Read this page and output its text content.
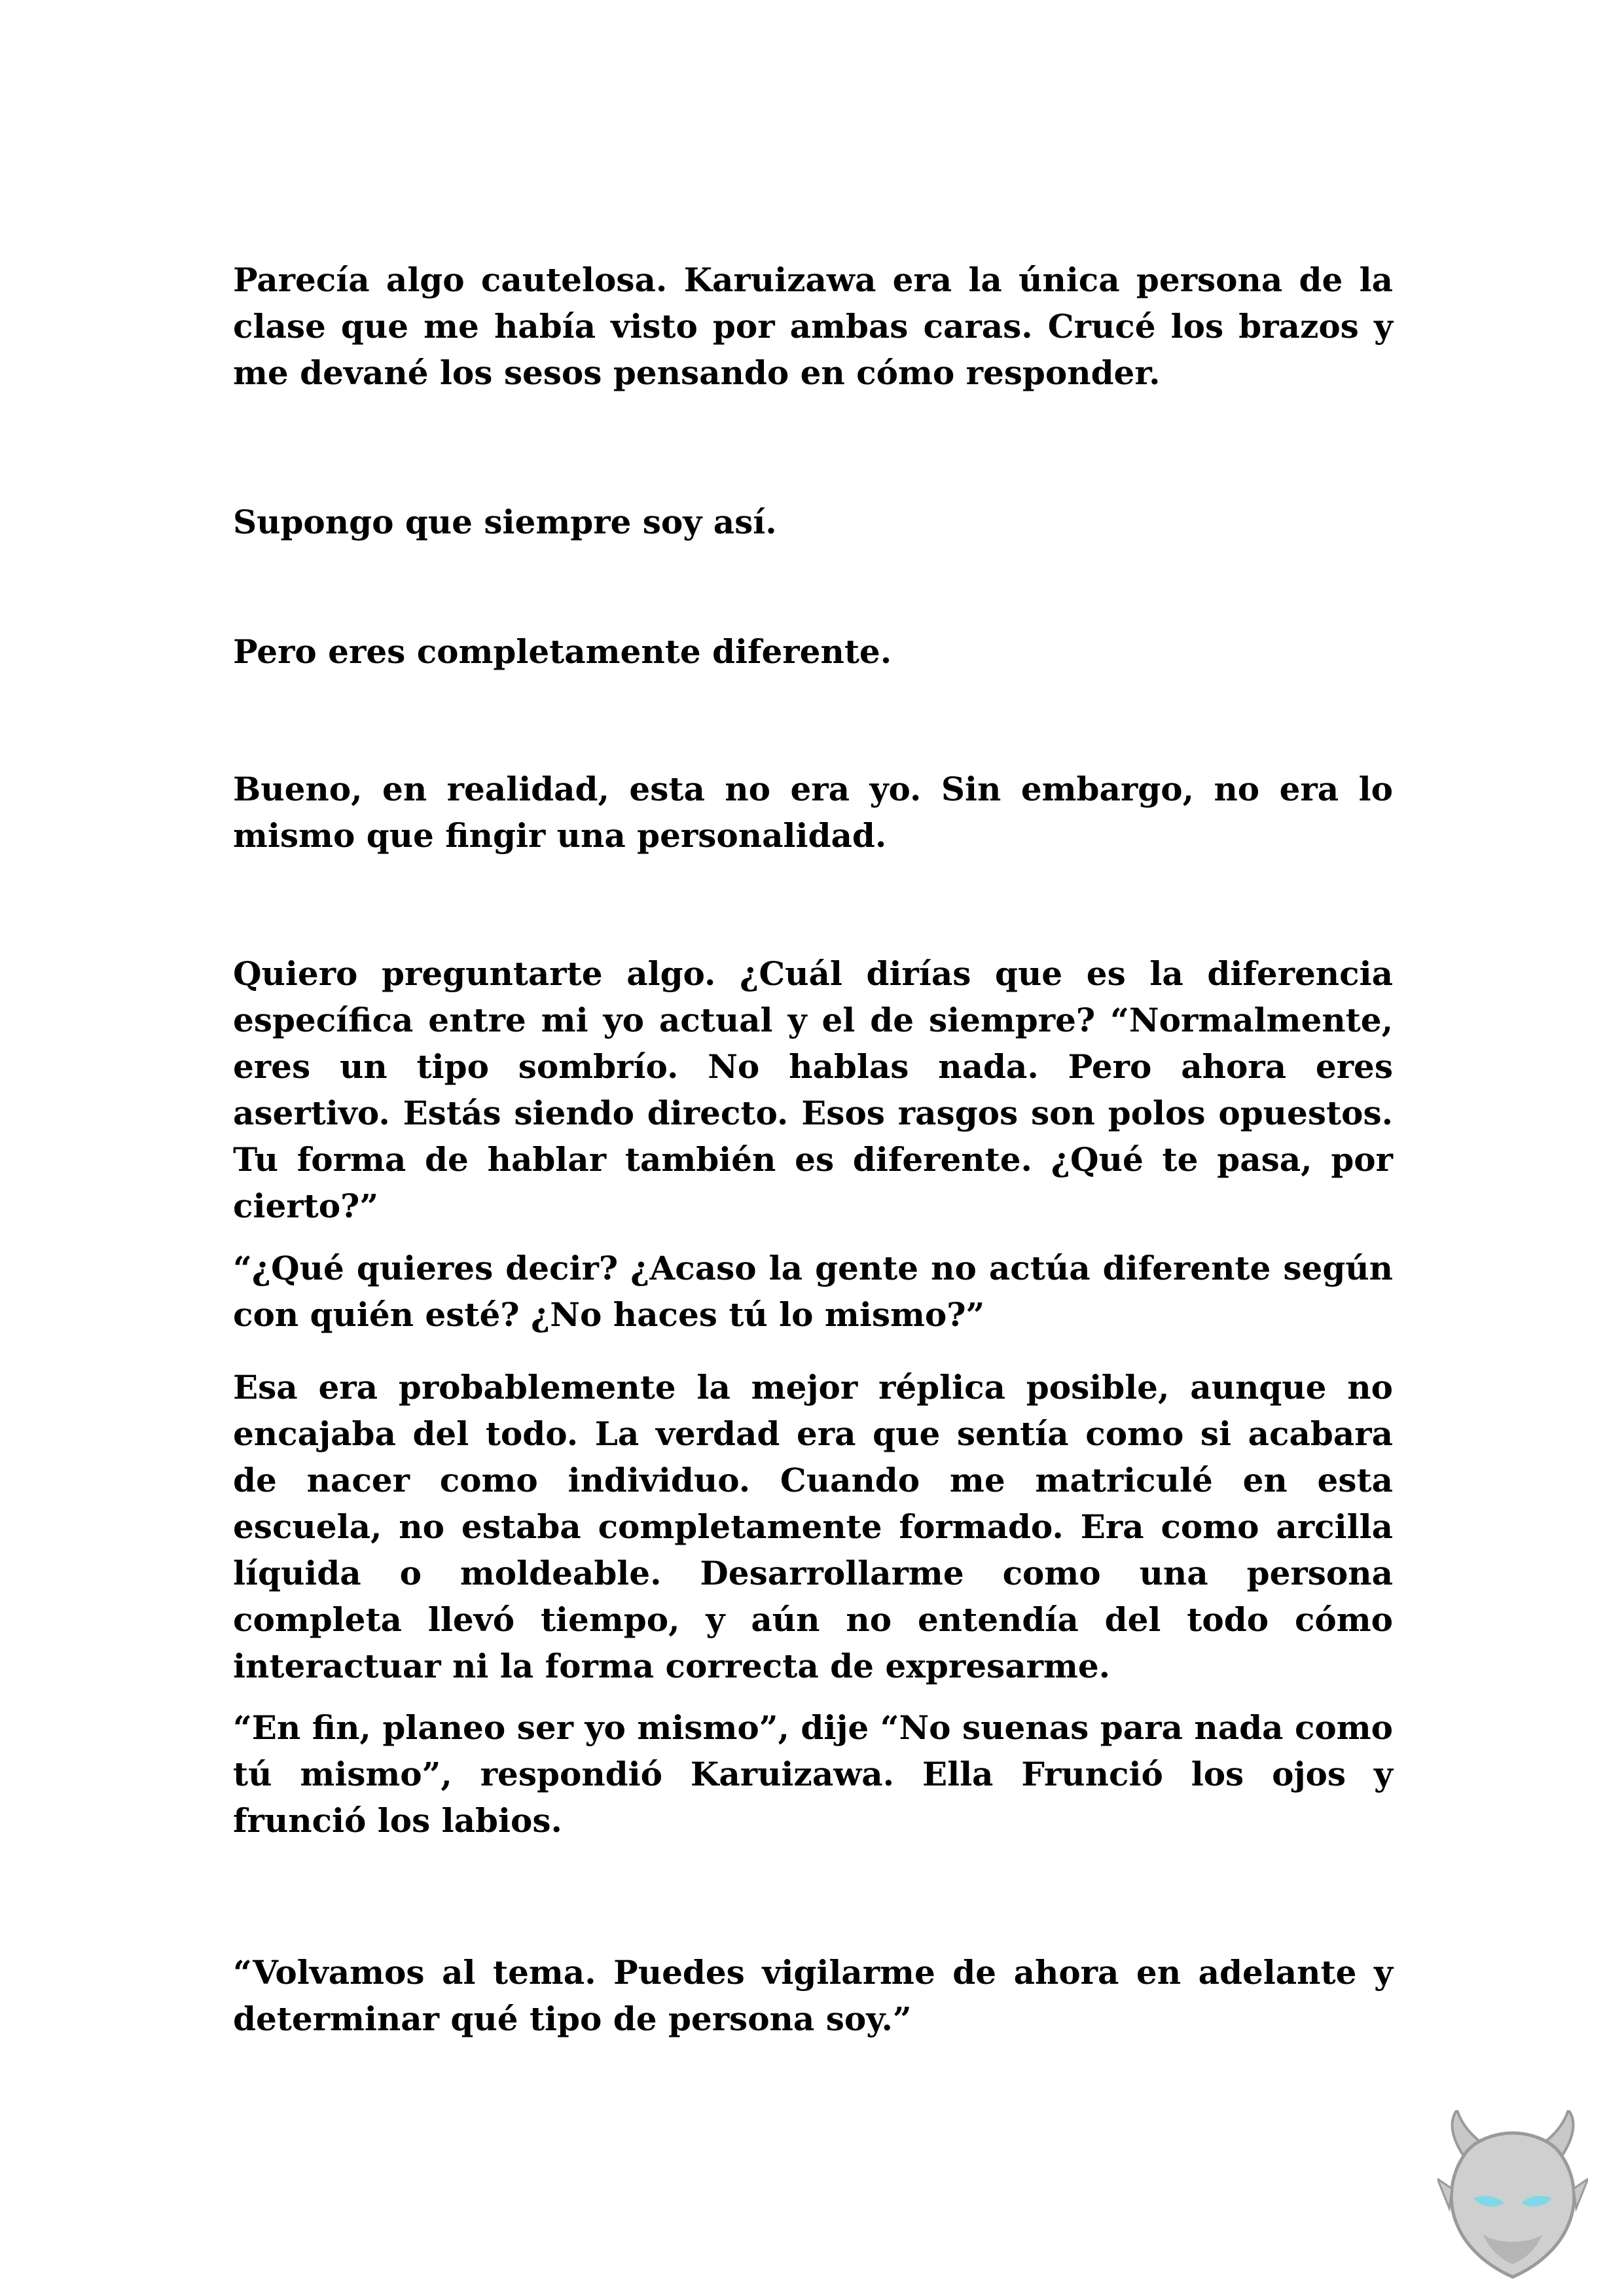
Parecía algo cautelosa. Karuizawa era la única persona de la clase que me había visto por ambas caras. Crucé los brazos y me devané los sesos pensando en cómo responder.

Supongo que siempre soy así.

Pero eres completamente diferente.

Bueno, en realidad, esta no era yo. Sin embargo, no era lo mismo que fingir una personalidad.

Quiero preguntarte algo. ¿Cuál dirías que es la diferencia específica entre mi yo actual y el de siempre? “Normalmente, eres un tipo sombrío. No hablas nada. Pero ahora eres asertivo. Estás siendo directo. Esos rasgos son polos opuestos. Tu forma de hablar también es diferente. ¿Qué te pasa, por cierto?”

“¿Qué quieres decir? ¿Acaso la gente no actúa diferente según con quién esté? ¿No haces tú lo mismo?”

Esa era probablemente la mejor réplica posible, aunque no encajaba del todo. La verdad era que sentía como si acabara de nacer como individuo. Cuando me matriculé en esta escuela, no estaba completamente formado. Era como arcilla líquida o moldeable. Desarrollarme como una persona completa llevó tiempo, y aún no entendía del todo cómo interactuar ni la forma correcta de expresarme.

“En fin, planeo ser yo mismo”, dije “No suenas para nada como tú mismo”, respondió Karuizawa. Ella Frunció los ojos y frunció los labios.

“Volvamos al tema. Puedes vigilarme de ahora en adelante y determinar qué tipo de persona soy.”
